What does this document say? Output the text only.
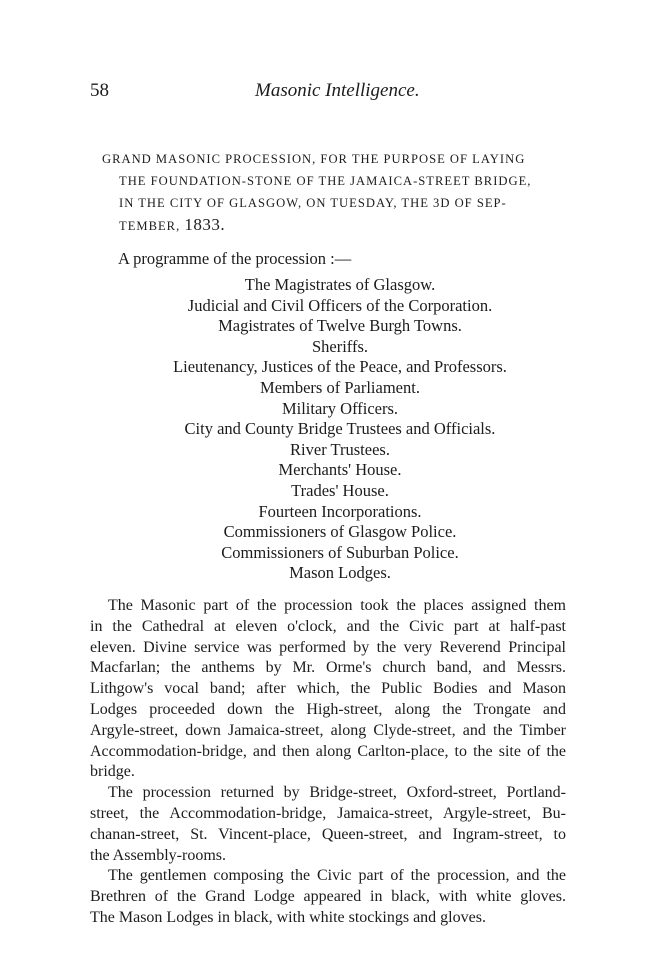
58	Masonic Intelligence.
GRAND MASONIC PROCESSION, FOR THE PURPOSE OF LAYING
THE FOUNDATION-STONE OF THE JAMAICA-STREET BRIDGE,
IN THE CITY OF GLASGOW, ON TUESDAY, THE 3D OF SEP-
TEMBER, 1833.
A programme of the procession :—
The Magistrates of Glasgow.
Judicial and Civil Officers of the Corporation.
Magistrates of Twelve Burgh Towns.
Sheriffs.
Lieutenancy, Justices of the Peace, and Professors.
Members of Parliament.
Military Officers.
City and County Bridge Trustees and Officials.
River Trustees.
Merchants' House.
Trades' House.
Fourteen Incorporations.
Commissioners of Glasgow Police.
Commissioners of Suburban Police.
Mason Lodges.
The Masonic part of the procession took the places assigned them
in the Cathedral at eleven o'clock, and the Civic part at half-past
eleven. Divine service was performed by the very Reverend Principal
Macfarlan; the anthems by Mr. Orme's church band, and Messrs.
Lithgow's vocal band; after which, the Public Bodies and Mason
Lodges proceeded down the High-street, along the Trongate and
Argyle-street, down Jamaica-street, along Clyde-street, and the Timber
Accommodation-bridge, and then along Carlton-place, to the site of the
bridge.
The procession returned by Bridge-street, Oxford-street, Portland-
street, the Accommodation-bridge, Jamaica-street, Argyle-street, Bu-
chanan-street, St. Vincent-place, Queen-street, and Ingram-street, to
the Assembly-rooms.
The gentlemen composing the Civic part of the procession, and the
Brethren of the Grand Lodge appeared in black, with white gloves.
The Mason Lodges in black, with white stockings and gloves.
